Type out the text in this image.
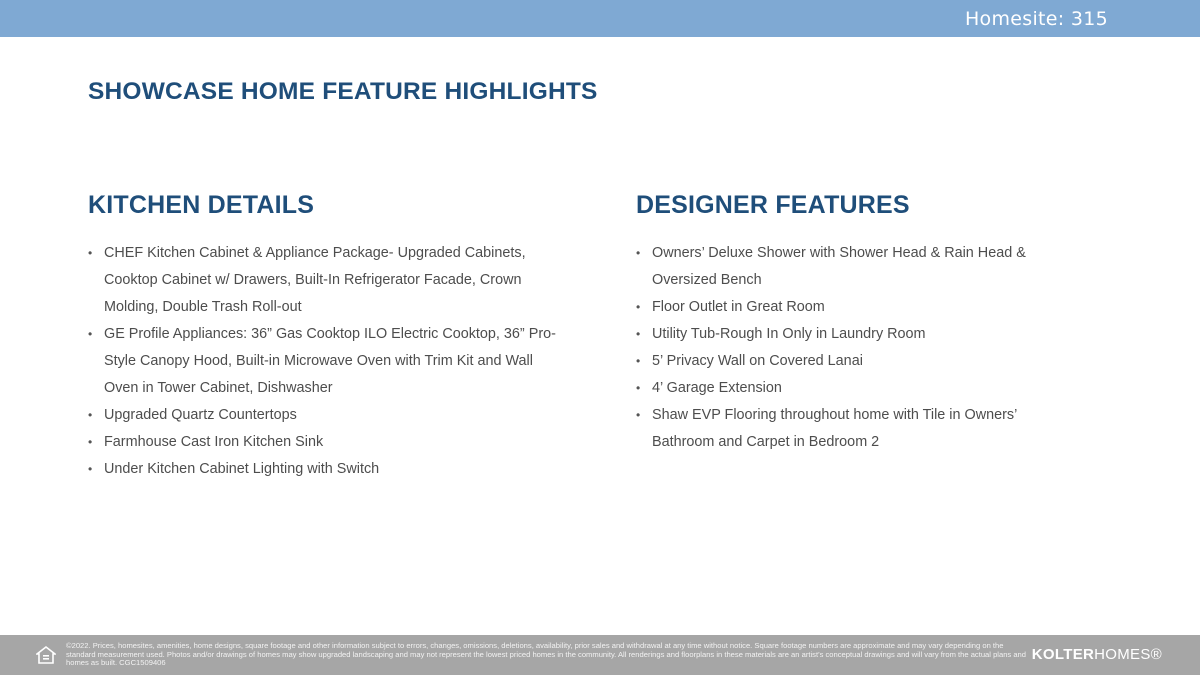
Homesite: 315
SHOWCASE HOME FEATURE HIGHLIGHTS
KITCHEN DETAILS
• CHEF Kitchen Cabinet & Appliance Package- Upgraded Cabinets, Cooktop Cabinet w/ Drawers, Built-In Refrigerator Facade, Crown Molding, Double Trash Roll-out
• GE Profile Appliances: 36” Gas Cooktop ILO Electric Cooktop, 36” Pro-Style Canopy Hood, Built-in Microwave Oven with Trim Kit and Wall Oven in Tower Cabinet, Dishwasher
• Upgraded Quartz Countertops
• Farmhouse Cast Iron Kitchen Sink
• Under Kitchen Cabinet Lighting with Switch
DESIGNER FEATURES
• Owners’ Deluxe Shower with Shower Head & Rain Head & Oversized Bench
• Floor Outlet in Great Room
• Utility Tub-Rough In Only in Laundry Room
• 5’ Privacy Wall on Covered Lanai
• 4’ Garage Extension
• Shaw EVP Flooring throughout home with Tile in Owners’ Bathroom and Carpet in Bedroom 2
©2022. Prices, homesites, amenities, home designs, square footage and other information subject to errors, changes, omissions, deletions, availability, prior sales and withdrawal at any time without notice. Square footage numbers are approximate and may vary depending on the standard measurement used. Photos and/or drawings of homes may show upgraded landscaping and may not represent the lowest priced homes in the community. All renderings and floorplans in these materials are an artist’s conceptual drawings and will vary from the actual plans and homes as built. CGC1509406	KOLTERHOMES®
